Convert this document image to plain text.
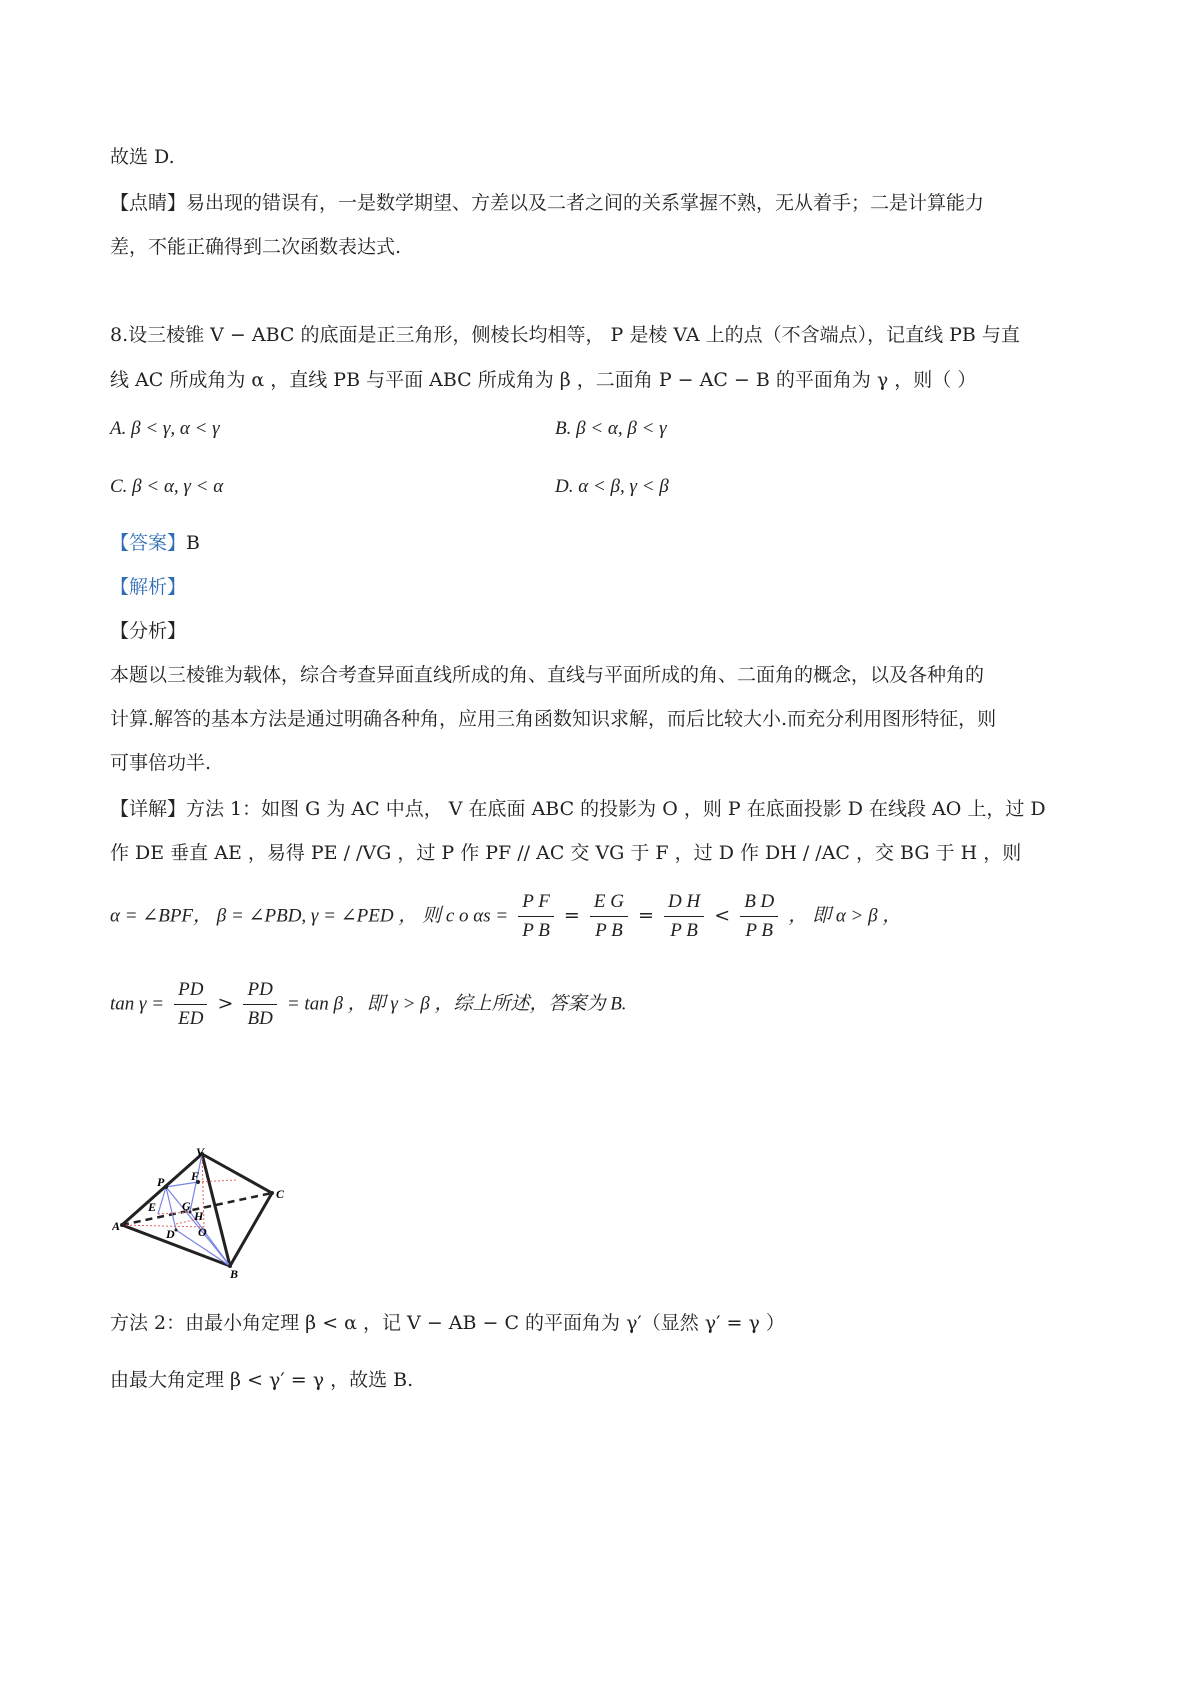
故选 D.
【点睛】易出现的错误有，一是数学期望、方差以及二者之间的关系掌握不熟，无从着手；二是计算能力
差，不能正确得到二次函数表达式.
8.设三棱锥 V − ABC 的底面是正三角形，侧棱长均相等， P 是棱 VA 上的点（不含端点），记直线 PB 与直
线 AC 所成角为 α ，直线 PB 与平面 ABC 所成角为 β ，二面角 P − AC − B 的平面角为 γ ，则（ ）
A. β < γ, α < γ	B. β < α, β < γ
C. β < α, γ < α	D. α < β, γ < β
【答案】B
【解析】
【分析】
本题以三棱锥为载体，综合考查异面直线所成的角、直线与平面所成的角、二面角的概念，以及各种角的
计算.解答的基本方法是通过明确各种角，应用三角函数知识求解，而后比较大小.而充分利用图形特征，则
可事倍功半.
【详解】方法 1：如图 G 为 AC 中点， V 在底面 ABC 的投影为 O ，则 P 在底面投影 D 在线段 AO 上，过 D
作 DE 垂直 AE ，易得 PE / /VG ，过 P 作 PF // AC 交 VG 于 F ，过 D 作 DH / /AC ，交 BG 于 H ，则
α = ∠BPF， β = ∠PBD, γ = ∠PED ， 则 c o $\alpha s = \frac{\text{P F}}{\text{P B}} = \frac{\text{E G}}{\text{P B}} = \frac{\text{D H}}{\text{P B}} < \frac{\text{B D}}{\text{P B}}$ ， 即 α > β ，
$\tan \gamma = \frac{PD}{ED} > \frac{PD}{BD} = \tan \beta$ ，即 γ > β ，综上所述，答案为 B.
V
P F
C
E G
H
A
D O
B
方法 2：由最小角定理 β < α ，记 V − AB − C 的平面角为 γ′（显然 γ′ = γ ）
由最大角定理 β < γ′ = γ ，故选 B.
